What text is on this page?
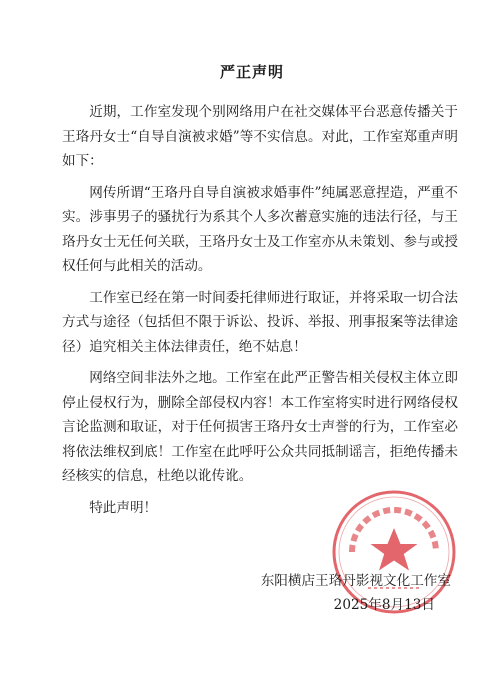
严正声明

近期，工作室发现个别网络用户在社交媒体平台恶意传播关于王珞丹女士“自导自演被求婚”等不实信息。对此，工作室郑重声明如下：

网传所谓“王珞丹自导自演被求婚事件”纯属恶意捏造，严重不实。涉事男子的骚扰行为系其个人多次蓄意实施的违法行径，与王珞丹女士无任何关联，王珞丹女士及工作室亦从未策划、参与或授权任何与此相关的活动。

工作室已经在第一时间委托律师进行取证，并将采取一切合法方式与途径（包括但不限于诉讼、投诉、举报、刑事报案等法律途径）追究相关主体法律责任，绝不姑息！

网络空间非法外之地。工作室在此严正警告相关侵权主体立即停止侵权行为，删除全部侵权内容！本工作室将实时进行网络侵权言论监测和取证，对于任何损害王珞丹女士声誉的行为，工作室必将依法维权到底！工作室在此呼吁公众共同抵制谣言，拒绝传播未经核实的信息，杜绝以讹传讹。

特此声明！

东阳横店王珞丹影视文化工作室
2025年8月13日
